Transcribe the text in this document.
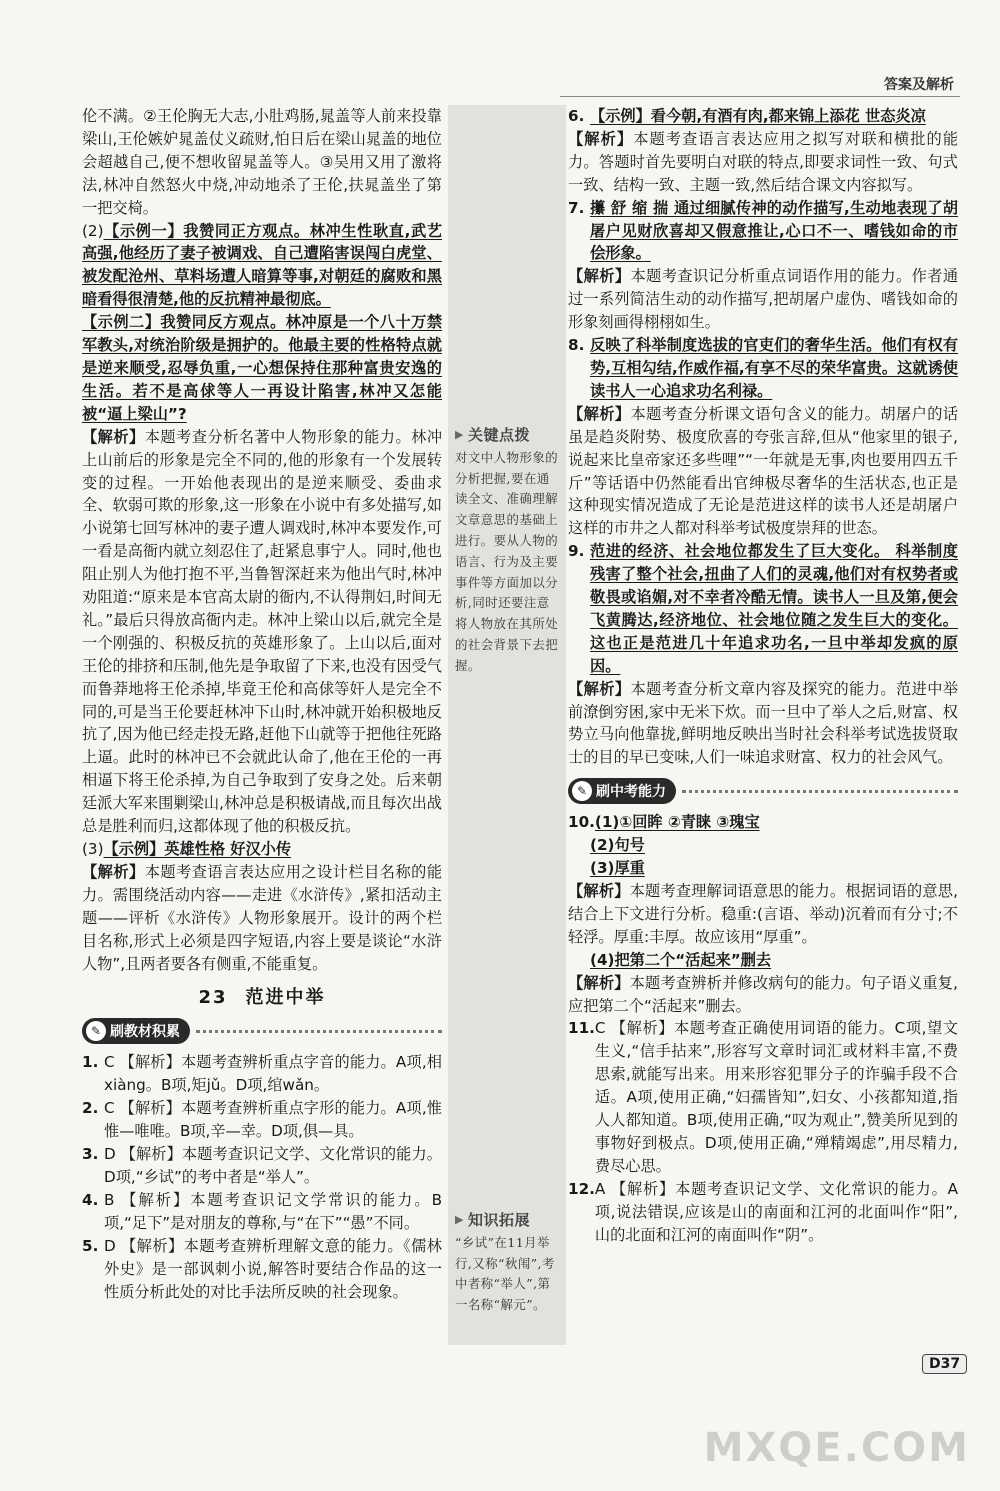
答案及解析
▶ 关键点拨
对文中人物形象的分析把握,要在通读全文、准确理解文章意思的基础上进行。要从人物的语言、行为及主要事件等方面加以分析,同时还要注意将人物放在其所处的社会背景下去把握。
▶ 知识拓展
“乡试”在11月举行,又称“秋闱”,考中者称“举人”,第一名称“解元”。

伦不满。②王伦胸无大志,小肚鸡肠,晁盖等人前来投靠梁山,王伦嫉妒晁盖仗义疏财,怕日后在梁山晁盖的地位会超越自己,便不想收留晁盖等人。③吴用又用了激将法,林冲自然怒火中烧,冲动地杀了王伦,扶晁盖坐了第一把交椅。

(2)【示例一】我赞同正方观点。林冲生性耿直,武艺高强,他经历了妻子被调戏、自己遭陷害误闯白虎堂、被发配沧州、草料场遭人暗算等事,对朝廷的腐败和黑暗看得很清楚,他的反抗精神最彻底。

【示例二】我赞同反方观点。林冲原是一个八十万禁军教头,对统治阶级是拥护的。他最主要的性格特点就是逆来顺受,忍辱负重,一心想保持住那种富贵安逸的生活。若不是高俅等人一再设计陷害,林冲又怎能被“逼上梁山”?

【解析】本题考查分析名著中人物形象的能力。林冲上山前后的形象是完全不同的,他的形象有一个发展转变的过程。一开始他表现出的是逆来顺受、委曲求全、软弱可欺的形象,这一形象在小说中有多处描写,如小说第七回写林冲的妻子遭人调戏时,林冲本要发作,可一看是高衙内就立刻忍住了,赶紧息事宁人。同时,他也阻止别人为他打抱不平,当鲁智深赶来为他出气时,林冲劝阻道:“原来是本官高太尉的衙内,不认得荆妇,时间无礼。”最后只得放高衙内走。林冲上梁山以后,就完全是一个刚强的、积极反抗的英雄形象了。上山以后,面对王伦的排挤和压制,他先是争取留了下来,也没有因受气而鲁莽地将王伦杀掉,毕竟王伦和高俅等奸人是完全不同的,可是当王伦要赶林冲下山时,林冲就开始积极地反抗了,因为他已经走投无路,赶他下山就等于把他往死路上逼。此时的林冲已不会就此认命了,他在王伦的一再相逼下将王伦杀掉,为自己争取到了安身之处。后来朝廷派大军来围剿梁山,林冲总是积极请战,而且每次出战总是胜利而归,这都体现了他的积极反抗。

(3)【示例】英雄性格 好汉小传

【解析】本题考查语言表达应用之设计栏目名称的能力。需围绕活动内容——走进《水浒传》,紧扣活动主题——评析《水浒传》人物形象展开。设计的两个栏目名称,形式上必须是四字短语,内容上要是谈论“水浒人物”,且两者要各有侧重,不能重复。

23 范进中举
✎ 刷教材积累
1. C 【解析】本题考查辨析重点字音的能力。A项,相xiàng。B项,矩jǔ。D项,绾wǎn。

2. C 【解析】本题考查辨析重点字形的能力。A项,惟惟—唯唯。B项,辛—幸。D项,俱—具。

3. D 【解析】本题考查识记文学、文化常识的能力。D项,“乡试”的考中者是“举人”。

4. B 【解析】本题考查识记文学常识的能力。B项,“足下”是对朋友的尊称,与“在下”“愚”不同。

5. D 【解析】本题考查辨析理解文意的能力。《儒林外史》是一部讽刺小说,解答时要结合作品的这一性质分析此处的对比手法所反映的社会现象。

6. 【示例】看今朝,有酒有肉,都来锦上添花 世态炎凉

【解析】本题考查语言表达应用之拟写对联和横批的能力。答题时首先要明白对联的特点,即要求词性一致、句式一致、结构一致、主题一致,然后结合课文内容拟写。

7. 攥 舒 缩 揣 通过细腻传神的动作描写,生动地表现了胡屠户见财欣喜却又假意推让,心口不一、嗜钱如命的市侩形象。

【解析】本题考查识记分析重点词语作用的能力。作者通过一系列简洁生动的动作描写,把胡屠户虚伪、嗜钱如命的形象刻画得栩栩如生。

8. 反映了科举制度选拔的官吏们的奢华生活。他们有权有势,互相勾结,作威作福,有享不尽的荣华富贵。这就诱使读书人一心追求功名利禄。

【解析】本题考查分析课文语句含义的能力。胡屠户的话虽是趋炎附势、极度欣喜的夸张言辞,但从“他家里的银子,说起来比皇帝家还多些哩”“一年就是无事,肉也要用四五千斤”等话语中仍然能看出官绅极尽奢华的生活状态,也正是这种现实情况造成了无论是范进这样的读书人还是胡屠户这样的市井之人都对科举考试极度崇拜的世态。

9. 范进的经济、社会地位都发生了巨大变化。 科举制度残害了整个社会,扭曲了人们的灵魂,他们对有权势者或敬畏或谄媚,对不幸者冷酷无情。读书人一旦及第,便会飞黄腾达,经济地位、社会地位随之发生巨大的变化。这也正是范进几十年追求功名,一旦中举却发疯的原因。

【解析】本题考查分析文章内容及探究的能力。范进中举前潦倒穷困,家中无米下炊。而一旦中了举人之后,财富、权势立马向他靠拢,鲜明地反映出当时社会科举考试选拔贤取士的目的早已变味,人们一味追求财富、权力的社会风气。

✎ 刷中考能力
10. (1)①回眸 ②青睐 ③瑰宝

(2)句号

(3)厚重

【解析】本题考查理解词语意思的能力。根据词语的意思,结合上下文进行分析。稳重:(言语、举动)沉着而有分寸;不轻浮。厚重:丰厚。故应该用“厚重”。

(4)把第二个“活起来”删去

【解析】本题考查辨析并修改病句的能力。句子语义重复,应把第二个“活起来”删去。

11. C 【解析】本题考查正确使用词语的能力。C项,望文生义,“信手拈来”,形容写文章时词汇或材料丰富,不费思索,就能写出来。用来形容犯罪分子的诈骗手段不合适。A项,使用正确,“妇孺皆知”,妇女、小孩都知道,指人人都知道。B项,使用正确,“叹为观止”,赞美所见到的事物好到极点。D项,使用正确,“殚精竭虑”,用尽精力,费尽心思。

12. A 【解析】本题考查识记文学、文化常识的能力。A项,说法错误,应该是山的南面和江河的北面叫作“阳”,山的北面和江河的南面叫作“阴”。

D37
MXQE.COM
